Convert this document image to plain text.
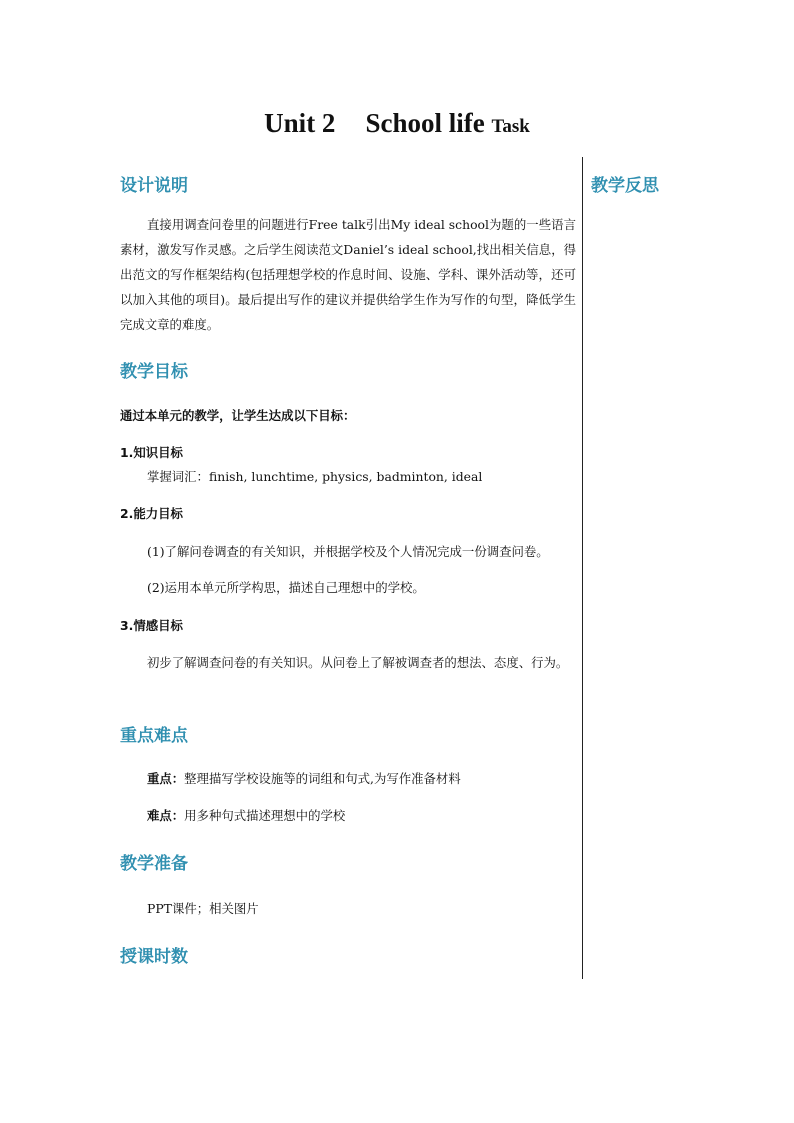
Unit 2 School life Task
教学反思
设计说明
直接用调查问卷里的问题进行Free talk引出My ideal school为题的一些语言素材，激发写作灵感。之后学生阅读范文Daniel’s ideal school,找出相关信息，得出范文的写作框架结构(包括理想学校的作息时间、设施、学科、课外活动等，还可以加入其他的项目)。最后提出写作的建议并提供给学生作为写作的句型，降低学生完成文章的难度。
教学目标
通过本单元的教学，让学生达成以下目标：
1.知识目标
掌握词汇：finish, lunchtime, physics, badminton, ideal
2.能力目标
(1)了解问卷调查的有关知识，并根据学校及个人情况完成一份调查问卷。
(2)运用本单元所学构思，描述自己理想中的学校。
3.情感目标
初步了解调查问卷的有关知识。从问卷上了解被调查者的想法、态度、行为。
重点难点
重点：整理描写学校设施等的词组和句式,为写作准备材料
难点：用多种句式描述理想中的学校
教学准备
PPT课件；相关图片
授课时数
